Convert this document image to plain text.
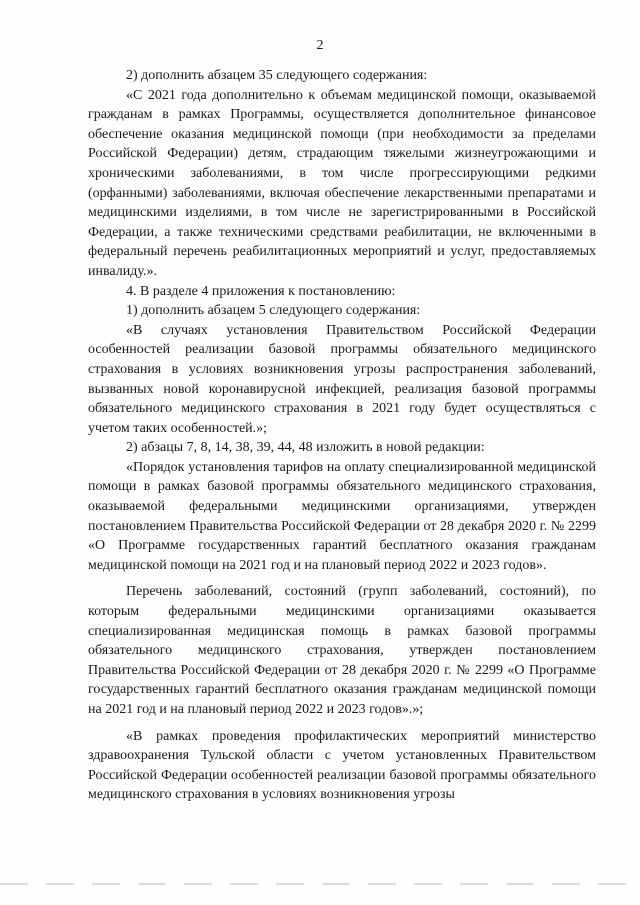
2

2) дополнить абзацем 35 следующего содержания:

«С 2021 года дополнительно к объемам медицинской помощи, оказываемой гражданам в рамках Программы, осуществляется дополнительное финансовое обеспечение оказания медицинской помощи (при необходимости за пределами Российской Федерации) детям, страдающим тяжелыми жизнеугрожающими и хроническими заболеваниями, в том числе прогрессирующими редкими (орфанными) заболеваниями, включая обеспечение лекарственными препаратами и медицинскими изделиями, в том числе не зарегистрированными в Российской Федерации, а также техническими средствами реабилитации, не включенными в федеральный перечень реабилитационных мероприятий и услуг, предоставляемых инвалиду.».

4. В разделе 4 приложения к постановлению:

1) дополнить абзацем 5 следующего содержания:

«В случаях установления Правительством Российской Федерации особенностей реализации базовой программы обязательного медицинского страхования в условиях возникновения угрозы распространения заболеваний, вызванных новой коронавирусной инфекцией, реализация базовой программы обязательного медицинского страхования в 2021 году будет осуществляться с учетом таких особенностей.»;

2) абзацы 7, 8, 14, 38, 39, 44, 48 изложить в новой редакции:

«Порядок установления тарифов на оплату специализированной медицинской помощи в рамках базовой программы обязательного медицинского страхования, оказываемой федеральными медицинскими организациями, утвержден постановлением Правительства Российской Федерации от 28 декабря 2020 г. № 2299 «О Программе государственных гарантий бесплатного оказания гражданам медицинской помощи на 2021 год и на плановый период 2022 и 2023 годов».

Перечень заболеваний, состояний (групп заболеваний, состояний), по которым федеральными медицинскими организациями оказывается специализированная медицинская помощь в рамках базовой программы обязательного медицинского страхования, утвержден постановлением Правительства Российской Федерации от 28 декабря 2020 г. № 2299 «О Программе государственных гарантий бесплатного оказания гражданам медицинской помощи на 2021 год и на плановый период 2022 и 2023 годов».»;

«В рамках проведения профилактических мероприятий министерство здравоохранения Тульской области с учетом установленных Правительством Российской Федерации особенностей реализации базовой программы обязательного медицинского страхования в условиях возникновения угрозы
